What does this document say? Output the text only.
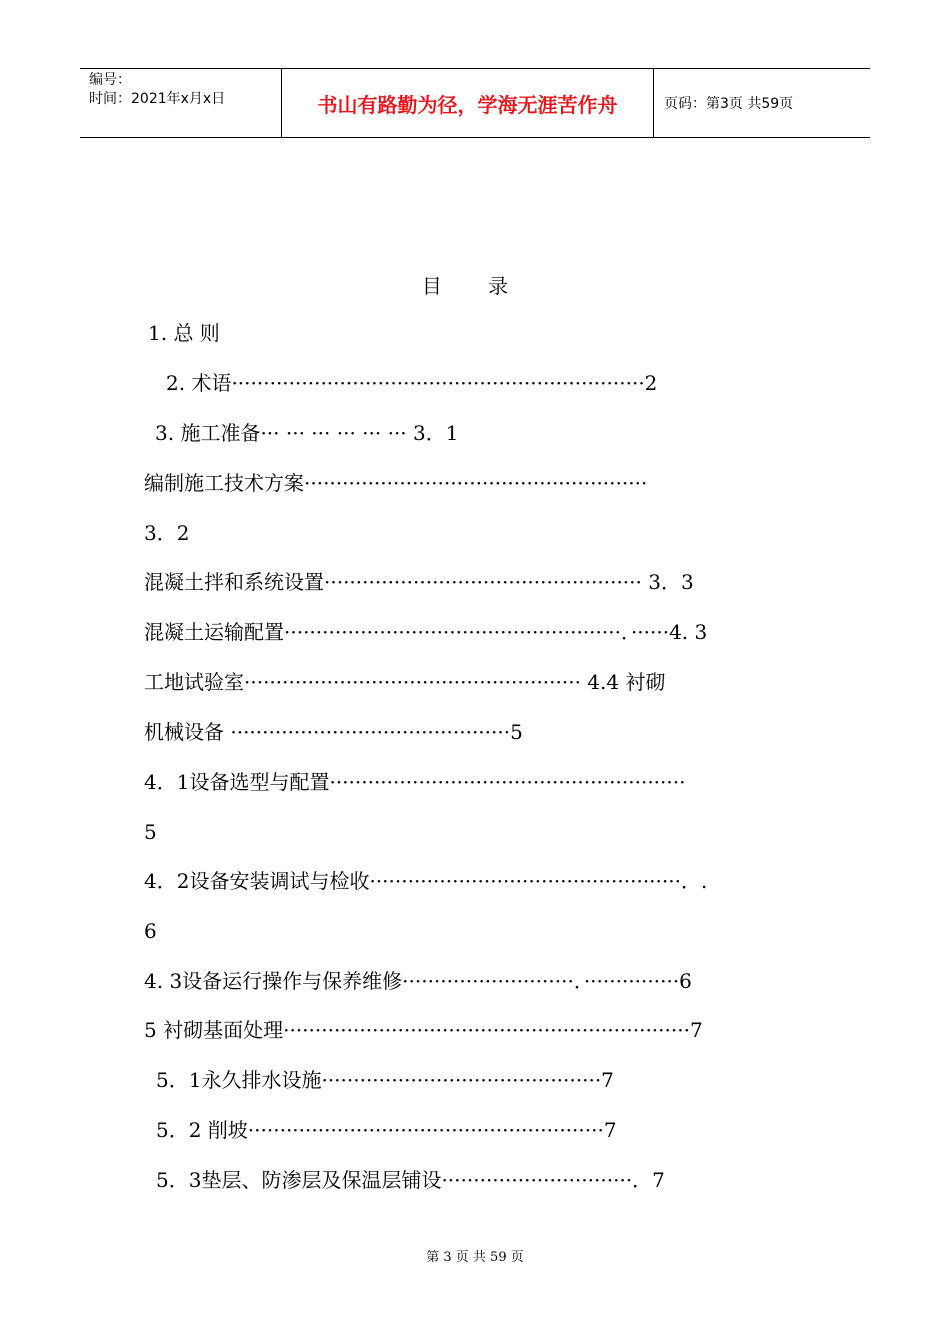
编号：
时间：2021年x月x日	书山有路勤为径，学海无涯苦作舟	页码：第3页 共59页
目 录
1. 总 则
2. 术语·································································2
3. 施工准备··· ··· ··· ··· ··· ··· 3．1
编制施工技术方案······················································
3．2
混凝土拌和系统设置·················································· 3．3
混凝土运输配置·····················································．······4. 3
工地试验室····················································· 4.4 衬砌
机械设备 ············································5
4．1设备选型与配置························································
5
4．2设备安装调试与检收·················································．.
6
4. 3设备运行操作与保养维修···························．···············6
5 衬砌基面处理································································7
5．1永久排水设施············································7
5．2 削坡························································7
5．3垫层、防渗层及保温层铺设······························．7
第 3 页 共 59 页
